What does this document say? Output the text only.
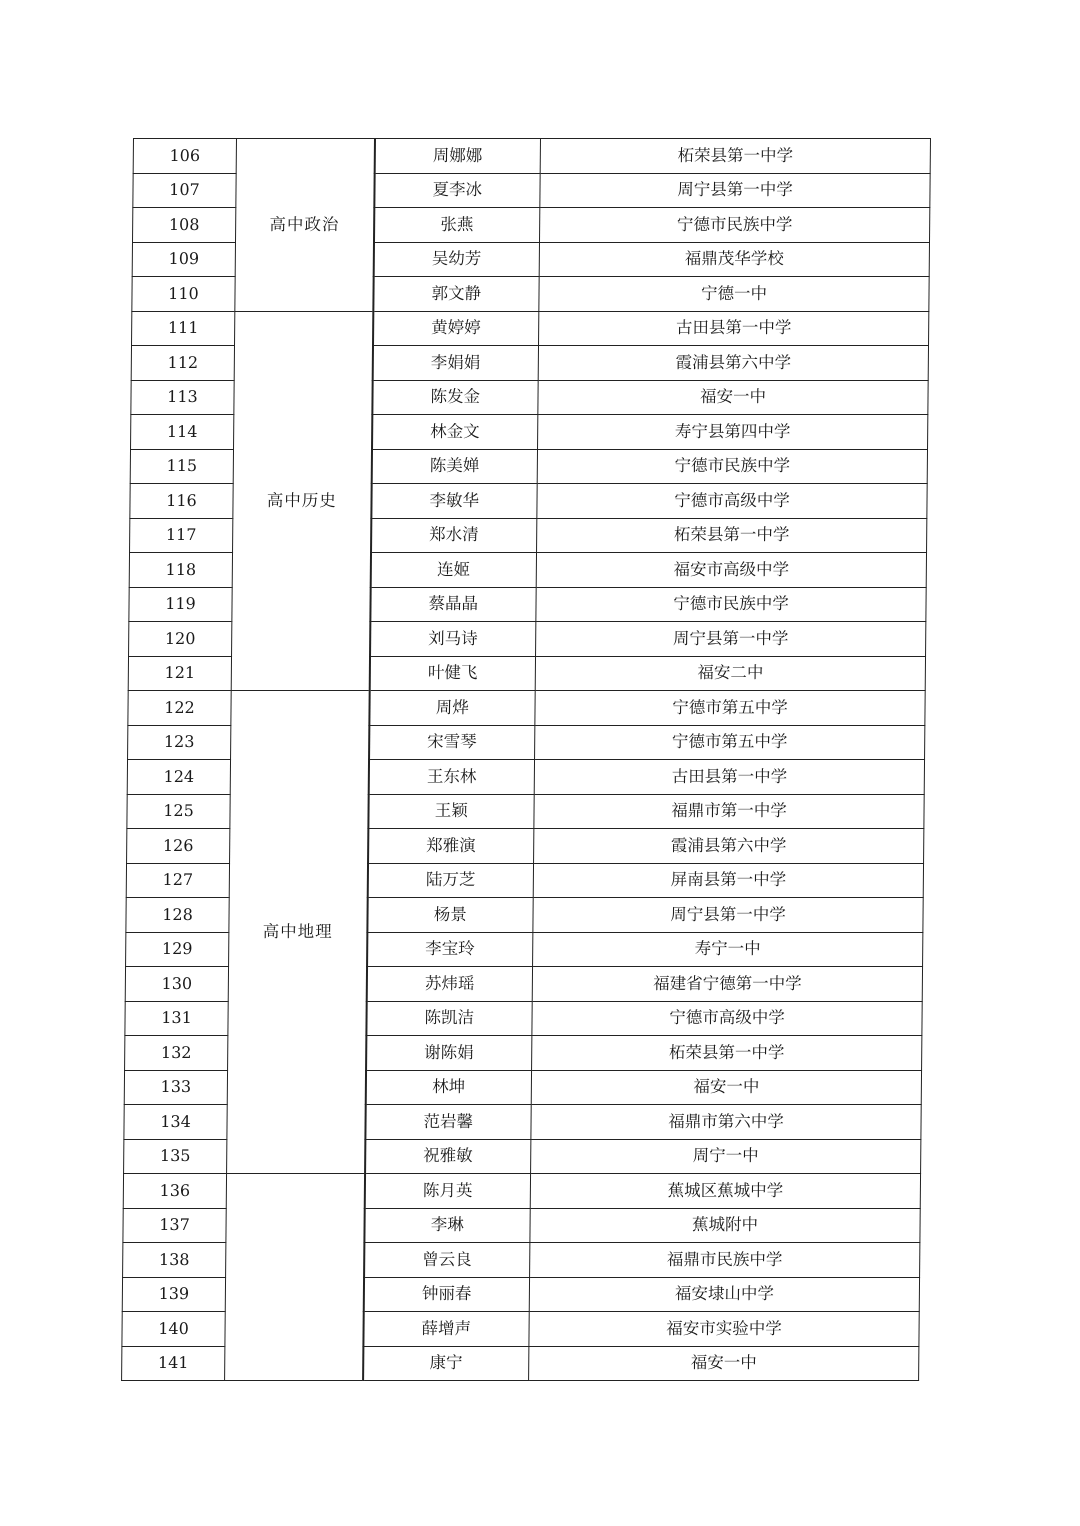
106	高中政治	周娜娜	柘荣县第一中学
107		夏李冰	周宁县第一中学
108		张燕	宁德市民族中学
109		吴幼芳	福鼎茂华学校
110		郭文静	宁德一中
111	高中历史	黄婷婷	古田县第一中学
112		李娟娟	霞浦县第六中学
113		陈发金	福安一中
114		林金文	寿宁县第四中学
115		陈美婵	宁德市民族中学
116		李敏华	宁德市高级中学
117		郑水清	柘荣县第一中学
118		连姬	福安市高级中学
119		蔡晶晶	宁德市民族中学
120		刘马诗	周宁县第一中学
121		叶健飞	福安二中
122	高中地理	周烨	宁德市第五中学
123		宋雪琴	宁德市第五中学
124		王东林	古田县第一中学
125		王颖	福鼎市第一中学
126		郑雅演	霞浦县第六中学
127		陆万芝	屏南县第一中学
128		杨景	周宁县第一中学
129		李宝玲	寿宁一中
130		苏炜瑶	福建省宁德第一中学
131		陈凯洁	宁德市高级中学
132		谢陈娟	柘荣县第一中学
133		林坤	福安一中
134		范岩馨	福鼎市第六中学
135		祝雅敏	周宁一中
136		陈月英	蕉城区蕉城中学
137		李琳	蕉城附中
138		曾云良	福鼎市民族中学
139		钟丽春	福安埭山中学
140		薛增声	福安市实验中学
141		康宁	福安一中
